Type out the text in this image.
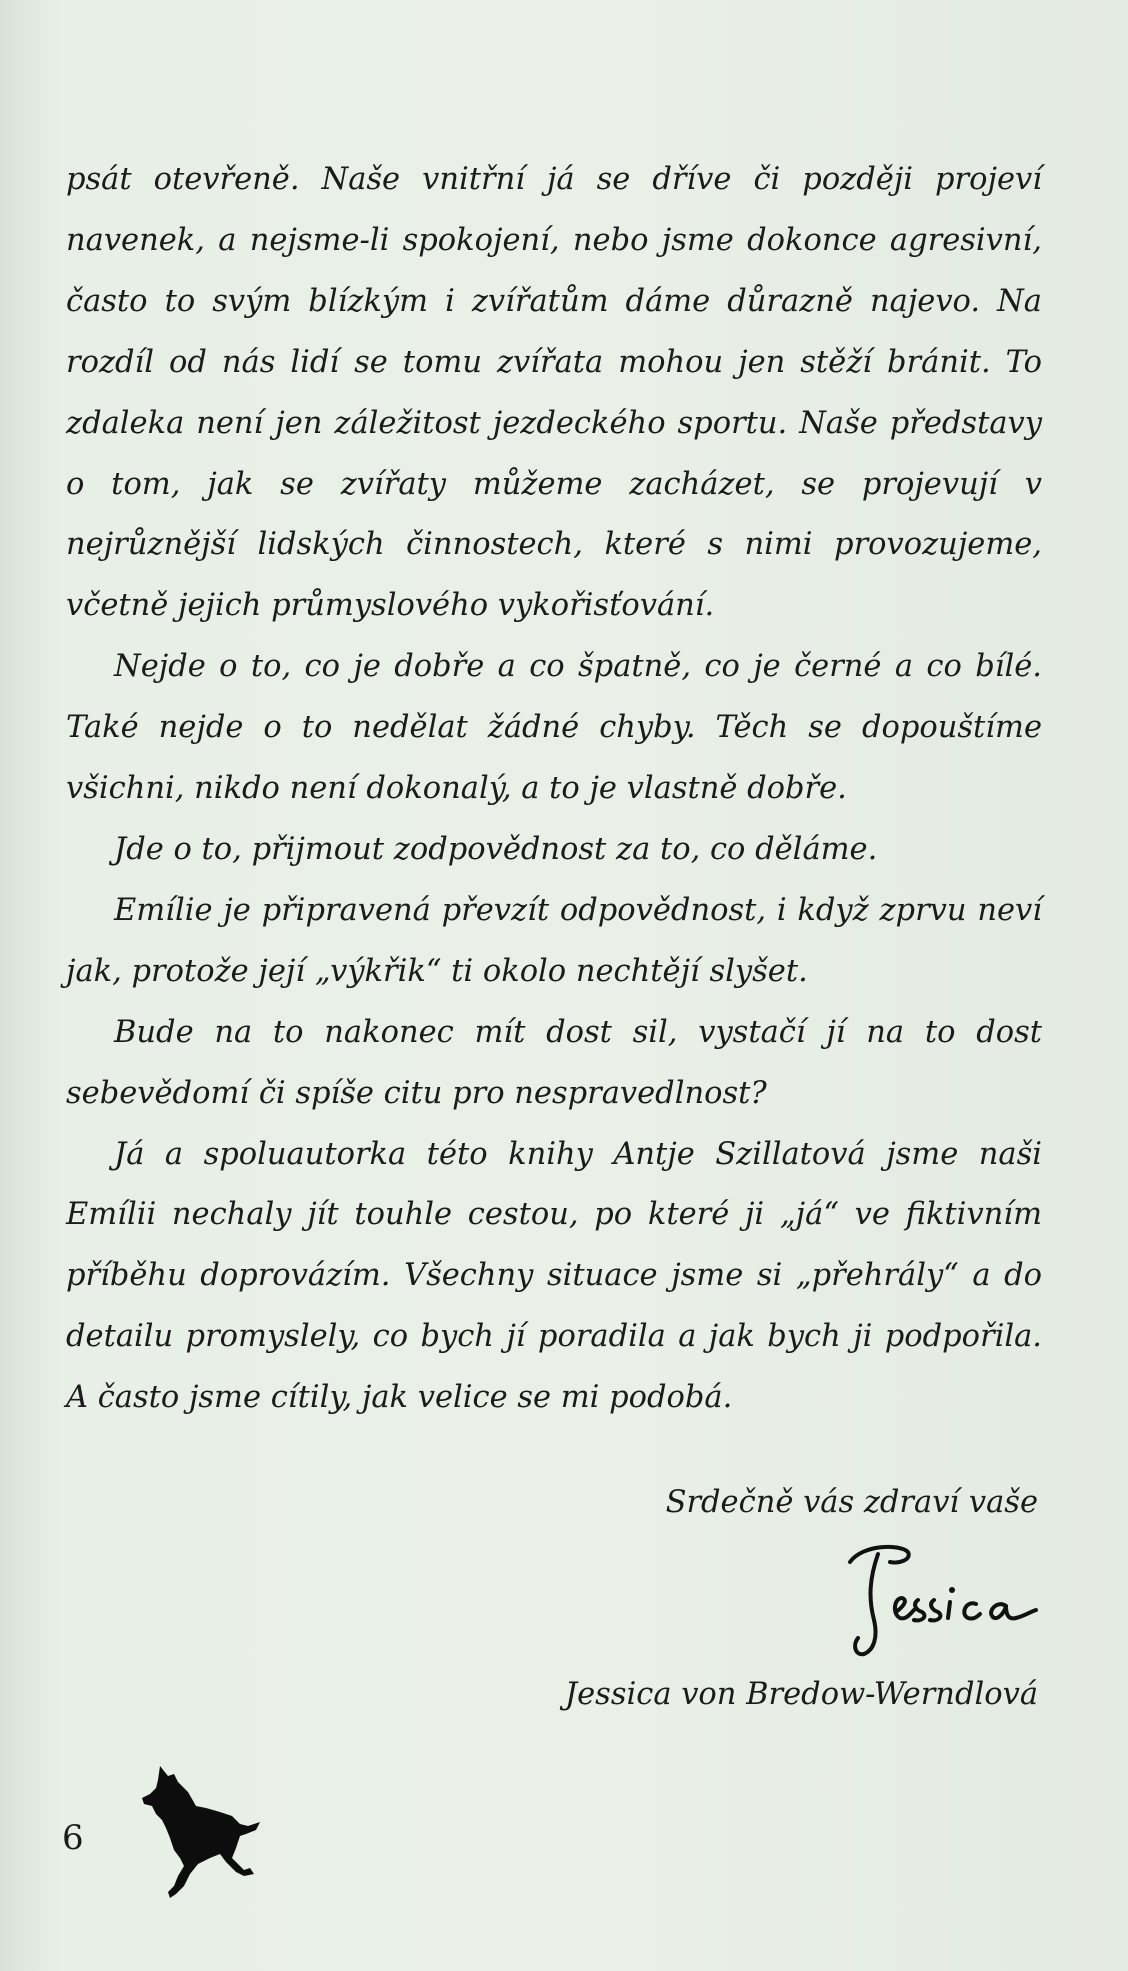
psát otevřeně. Naše vnitřní já se dříve či později projeví navenek, a nejsme-li spokojení, nebo jsme dokonce agresivní, často to svým blízkým i zvířatům dáme důrazně najevo. Na rozdíl od nás lidí se tomu zvířata mohou jen stěží bránit. To zdaleka není jen záležitost jezdeckého sportu. Naše představy o tom, jak se zvířaty můžeme zacházet, se projevují v nejrůznější lidských činnostech, které s nimi provozujeme, včetně jejich průmyslového vykořisťování.

Nejde o to, co je dobře a co špatně, co je černé a co bílé. Také nejde o to nedělat žádné chyby. Těch se dopouštíme všichni, nikdo není dokonalý, a to je vlastně dobře.

Jde o to, přijmout zodpovědnost za to, co děláme.

Emílie je připravená převzít odpovědnost, i když zprvu neví jak, protože její „výkřik“ ti okolo nechtějí slyšet.

Bude na to nakonec mít dost sil, vystačí jí na to dost sebevědomí či spíše citu pro nespravedlnost?

Já a spoluautorka této knihy Antje Szillatová jsme naši Emílii nechaly jít touhle cestou, po které ji „já“ ve fiktivním příběhu doprovázím. Všechny situace jsme si „přehrály“ a do detailu promyslely, co bych jí poradila a jak bych ji podpořila. A často jsme cítily, jak velice se mi podobá.

Srdečně vás zdraví vaše
Jessica von Bredow-Werndlová
6
